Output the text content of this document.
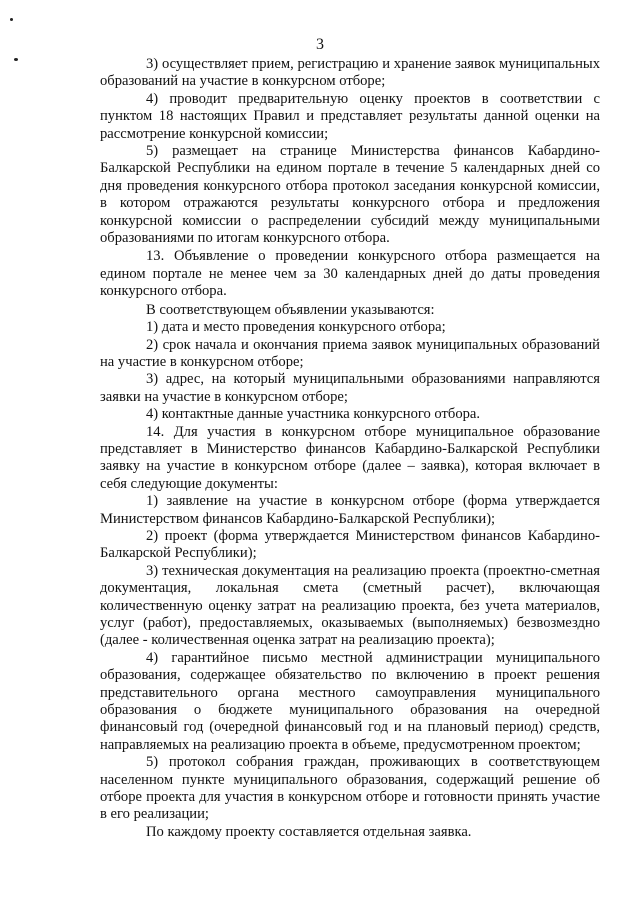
3

3) осуществляет прием, регистрацию и хранение заявок муниципальных образований на участие в конкурсном отборе;

4) проводит предварительную оценку проектов в соответствии с пунктом 18 настоящих Правил и представляет результаты данной оценки на рассмотрение конкурсной комиссии;

5) размещает на странице Министерства финансов Кабардино-Балкарской Республики на едином портале в течение 5 календарных дней со дня проведения конкурсного отбора протокол заседания конкурсной комиссии, в котором отражаются результаты конкурсного отбора и предложения конкурсной комиссии о распределении субсидий между муниципальными образованиями по итогам конкурсного отбора.

13. Объявление о проведении конкурсного отбора размещается на едином портале не менее чем за 30 календарных дней до даты проведения конкурсного отбора.

В соответствующем объявлении указываются:

1) дата и место проведения конкурсного отбора;

2) срок начала и окончания приема заявок муниципальных образований на участие в конкурсном отборе;

3) адрес, на который муниципальными образованиями направляются заявки на участие в конкурсном отборе;

4) контактные данные участника конкурсного отбора.

14. Для участия в конкурсном отборе муниципальное образование представляет в Министерство финансов Кабардино-Балкарской Республики заявку на участие в конкурсном отборе (далее – заявка), которая включает в себя следующие документы:

1) заявление на участие в конкурсном отборе (форма утверждается Министерством финансов Кабардино-Балкарской Республики);

2) проект (форма утверждается Министерством финансов Кабардино-Балкарской Республики);

3) техническая документация на реализацию проекта (проектно-сметная документация, локальная смета (сметный расчет), включающая количественную оценку затрат на реализацию проекта, без учета материалов, услуг (работ), предоставляемых, оказываемых (выполняемых) безвозмездно (далее - количественная оценка затрат на реализацию проекта);

4) гарантийное письмо местной администрации муниципального образования, содержащее обязательство по включению в проект решения представительного органа местного самоуправления муниципального образования о бюджете муниципального образования на очередной финансовый год (очередной финансовый год и на плановый период) средств, направляемых на реализацию проекта в объеме, предусмотренном проектом;

5) протокол собрания граждан, проживающих в соответствующем населенном пункте муниципального образования, содержащий решение об отборе проекта для участия в конкурсном отборе и готовности принять участие в его реализации;

По каждому проекту составляется отдельная заявка.
